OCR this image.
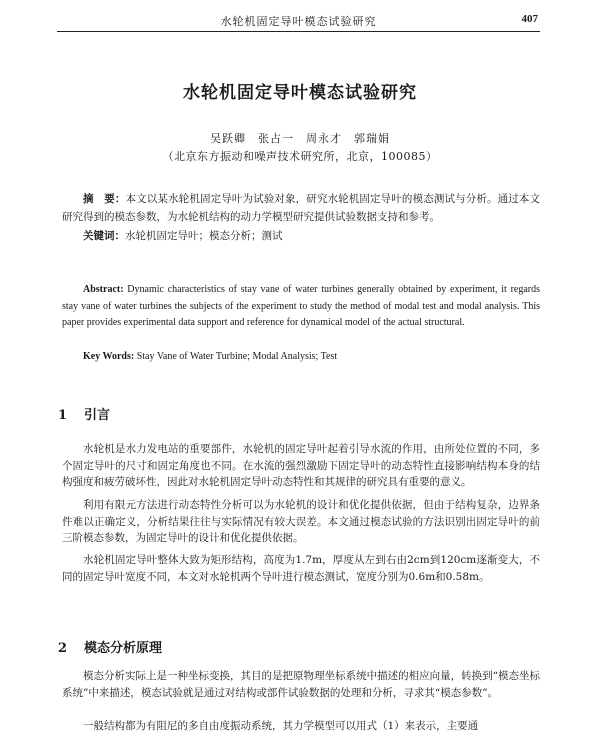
水轮机固定导叶模态试验研究	407
水轮机固定导叶模态试验研究
吴跃卿　张占一　周永才　郭瑞娟
（北京东方振动和噪声技术研究所，北京，100085）

摘　要：本文以某水轮机固定导叶为试验对象，研究水轮机固定导叶的模态测试与分析。通过本文研究得到的模态参数，为水轮机结构的动力学模型研究提供试验数据支持和参考。

关键词：水轮机固定导叶；模态分析；测试

Abstract: Dynamic characteristics of stay vane of water turbines generally obtained by experiment, it regards stay vane of water turbines the subjects of the experiment to study the method of modal test and modal analysis. This paper provides experimental data support and reference for dynamical model of the actual structural.

Key Words: Stay Vane of Water Turbine; Modal Analysis; Test

1 引言

水轮机是水力发电站的重要部件，水轮机的固定导叶起着引导水流的作用，由所处位置的不同，多个固定导叶的尺寸和固定角度也不同。在水流的强烈激励下固定导叶的动态特性直接影响结构本身的结构强度和疲劳破坏性，因此对水轮机固定导叶动态特性和其规律的研究具有重要的意义。

利用有限元方法进行动态特性分析可以为水轮机的设计和优化提供依据，但由于结构复杂，边界条件难以正确定义，分析结果往往与实际情况有较大误差。本文通过模态试验的方法识别出固定导叶的前三阶模态参数，为固定导叶的设计和优化提供依据。

水轮机固定导叶整体大致为矩形结构，高度为1.7m，厚度从左到右由2cm到120cm逐渐变大，不同的固定导叶宽度不同，本文对水轮机两个导叶进行模态测试，宽度分别为0.6m和0.58m。

2 模态分析原理

模态分析实际上是一种坐标变换，其目的是把原物理坐标系统中描述的相应向量，转换到“模态坐标系统”中来描述，模态试验就是通过对结构或部件试验数据的处理和分析，寻求其“模态参数”。

一般结构都为有阻尼的多自由度振动系统，其力学模型可以用式（1）来表示，主要通
